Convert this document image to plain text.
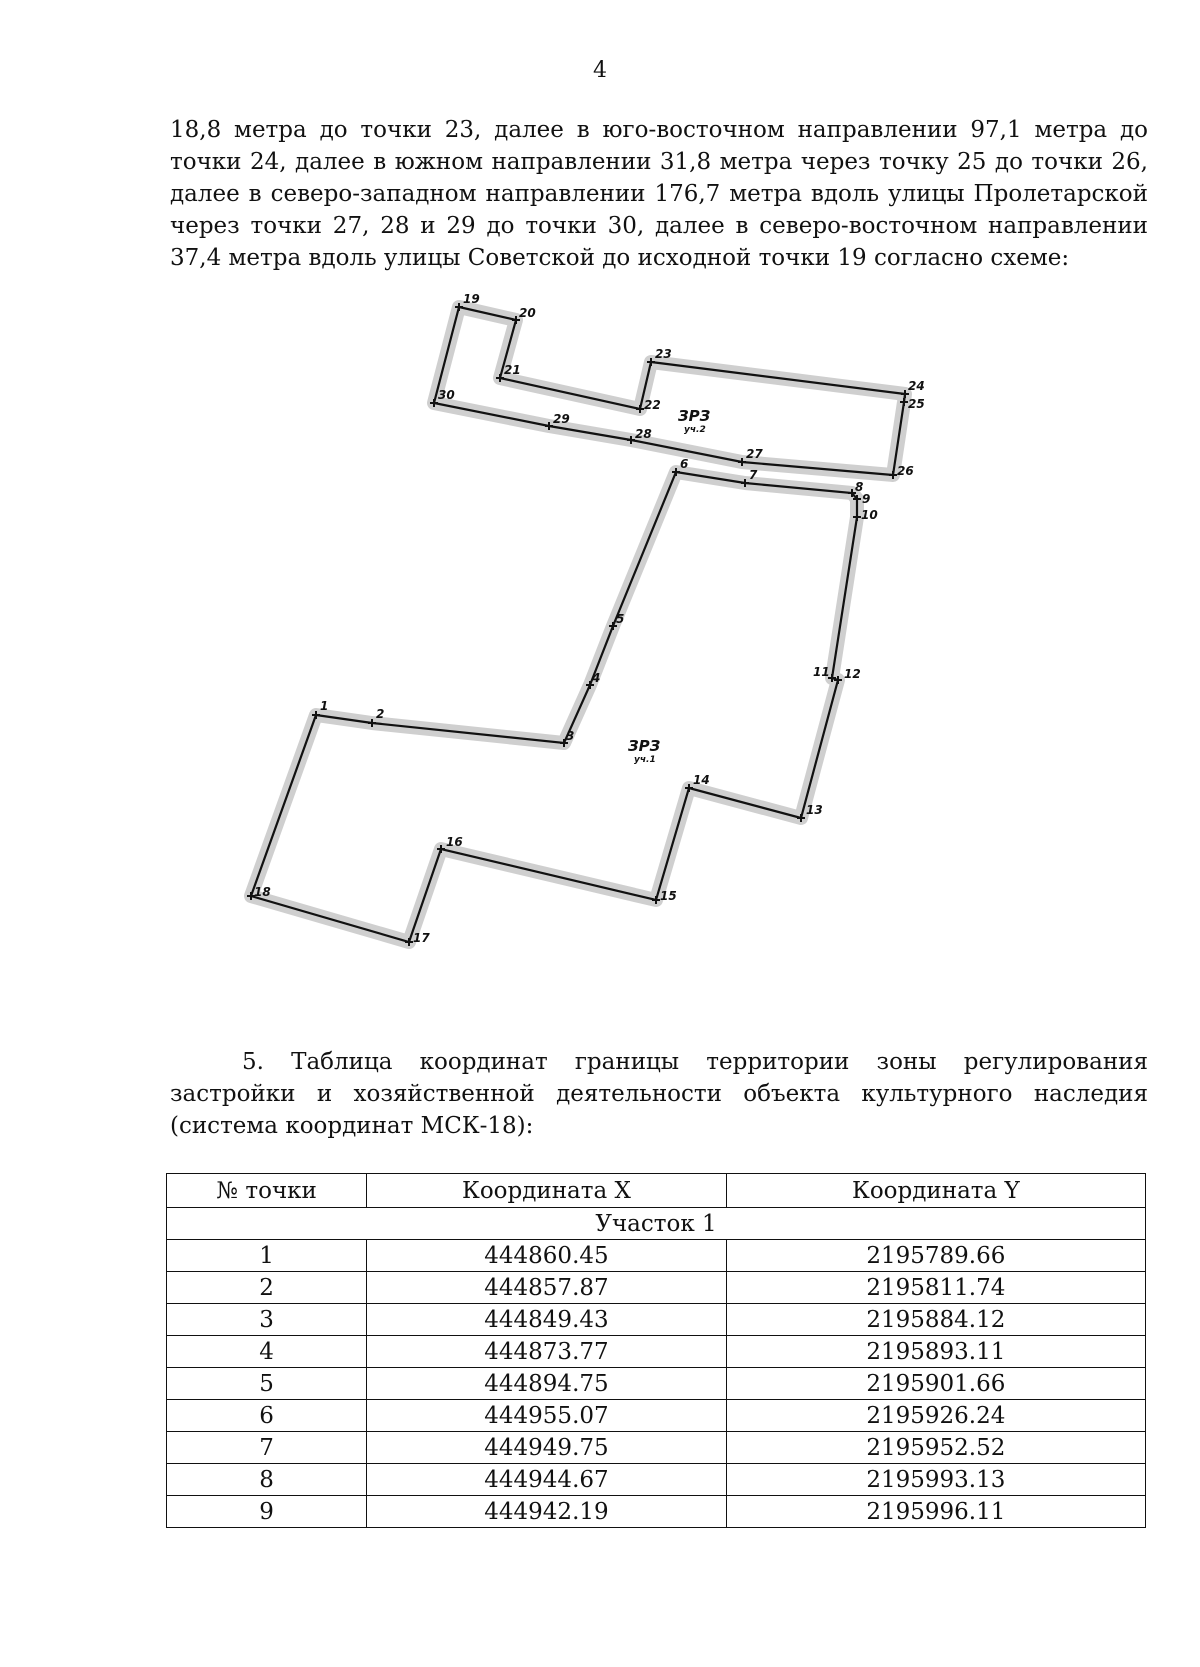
4

18,8 метра до точки 23, далее в юго-восточном направлении 97,1 метра до точки 24, далее в южном направлении 31,8 метра через точку 25 до точки 26, далее в северо-западном направлении 176,7 метра вдоль улицы Пролетарской через точки 27, 28 и 29 до точки 30, далее в северо-восточном направлении 37,4 метра вдоль улицы Советской до исходной точки 19 согласно схеме:

1
2
3
4
5
6
7
8
9
10
11 12
13
14
15
16
17
18
19
20
21
22
23
24
25
26
27
28
29
30
ЗРЗ
уч.2
ЗРЗ
уч.1

5. Таблица координат границы территории зоны регулирования застройки и хозяйственной деятельности объекта культурного наследия (система координат МСК-18):

№ точки	Координата X	Координата Y
Участок 1		
1	444860.45	2195789.66
2	444857.87	2195811.74
3	444849.43	2195884.12
4	444873.77	2195893.11
5	444894.75	2195901.66
6	444955.07	2195926.24
7	444949.75	2195952.52
8	444944.67	2195993.13
9	444942.19	2195996.11
